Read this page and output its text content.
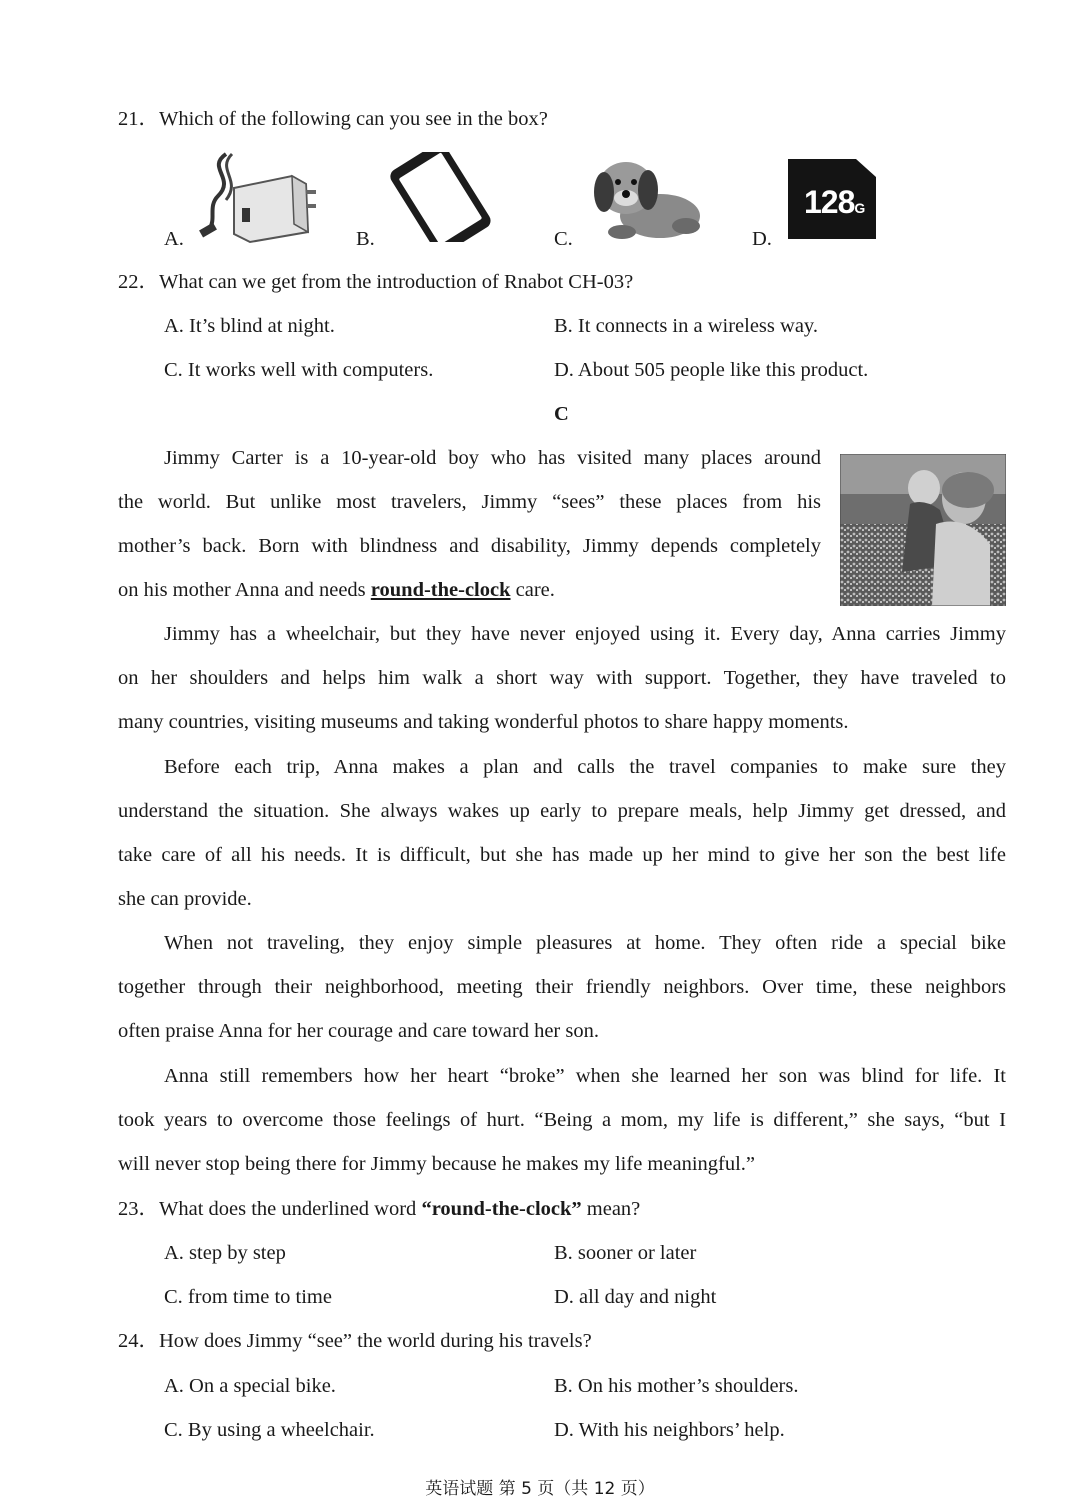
21．Which of the following can you see in the box?
A.	B.	C.	D.
128G
22．What can we get from the introduction of Rnabot CH-03?
A. It’s blind at night.	B. It connects in a wireless way.
C. It works well with computers.	D. About 505 people like this product.
C
Jimmy Carter is a 10-year-old boy who has visited many places around
the world. But unlike most travelers, Jimmy “sees” these places from his
mother’s back. Born with blindness and disability, Jimmy depends completely
on his mother Anna and needs round-the-clock care.
Jimmy has a wheelchair, but they have never enjoyed using it. Every day, Anna carries Jimmy
on her shoulders and helps him walk a short way with support. Together, they have traveled to
many countries, visiting museums and taking wonderful photos to share happy moments.
Before each trip, Anna makes a plan and calls the travel companies to make sure they
understand the situation. She always wakes up early to prepare meals, help Jimmy get dressed, and
take care of all his needs. It is difficult, but she has made up her mind to give her son the best life
she can provide.
When not traveling, they enjoy simple pleasures at home. They often ride a special bike
together through their neighborhood, meeting their friendly neighbors. Over time, these neighbors
often praise Anna for her courage and care toward her son.
Anna still remembers how her heart “broke” when she learned her son was blind for life. It
took years to overcome those feelings of hurt. “Being a mom, my life is different,” she says, “but I
will never stop being there for Jimmy because he makes my life meaningful.”
23．What does the underlined word “round-the-clock” mean?
A. step by step	B. sooner or later
C. from time to time	D. all day and night
24．How does Jimmy “see” the world during his travels?
A. On a special bike.	B. On his mother’s shoulders.
C. By using a wheelchair.	D. With his neighbors’ help.
英语试题 第 5 页（共 12 页）
